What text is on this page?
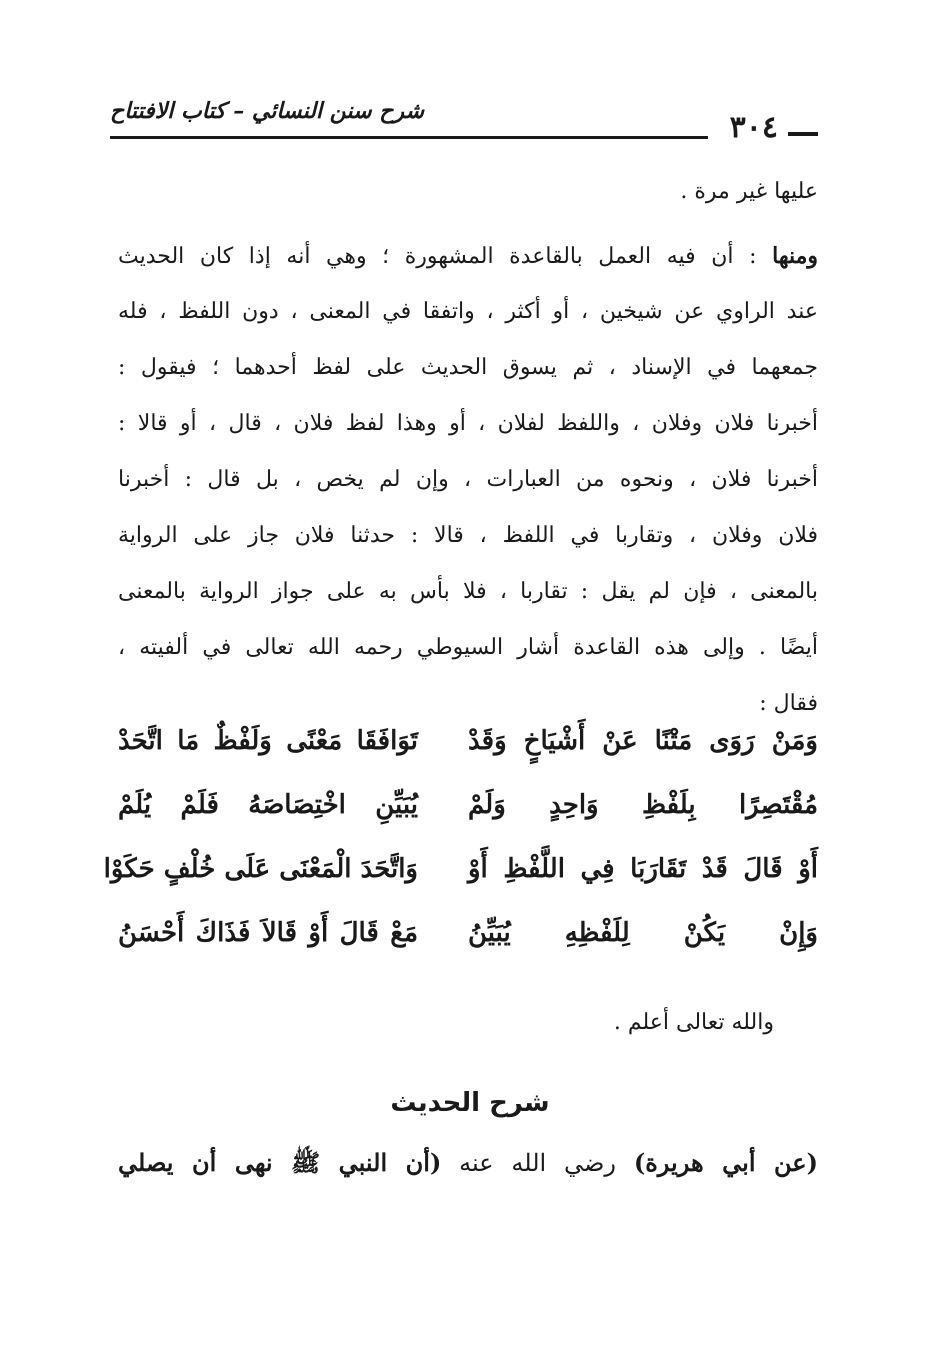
٣٠٤
شرح سنن النسائي – كتاب الافتتاح
عليها غير مرة .
ومنها : أن فيه العمل بالقاعدة المشهورة ؛ وهي أنه إذا كان الحديث
عند الراوي عن شيخين ، أو أكثر ، واتفقا في المعنى ، دون اللفظ ، فله
جمعهما في الإسناد ، ثم يسوق الحديث على لفظ أحدهما ؛ فيقول :
أخبرنا فلان وفلان ، واللفظ لفلان ، أو وهذا لفظ فلان ، قال ، أو قالا :
أخبرنا فلان ، ونحوه من العبارات ، وإن لم يخص ، بل قال : أخبرنا
فلان وفلان ، وتقاربا في اللفظ ، قالا : حدثنا فلان جاز على الرواية
بالمعنى ، فإن لم يقل : تقاربا ، فلا بأس به على جواز الرواية بالمعنى
أيضًا . وإلى هذه القاعدة أشار السيوطي رحمه الله تعالى في ألفيته ،
فقال :
وَمَنْ رَوَى مَتْنًا عَنْ أَشْيَاخٍ وَقَدْ
تَوَافَقَا مَعْنًى وَلَفْظٌ مَا اتَّحَدْ
مُقْتَصِرًا بِلَفْظِ وَاحِدٍ وَلَمْ
يُبَيِّنِ اخْتِصَاصَهُ فَلَمْ يُلَمْ
أَوْ قَالَ قَدْ تَقَارَبَا فِي اللَّفْظِ أَوْ
وَاتَّحَدَ الْمَعْنَى عَلَى خُلْفٍ حَكَوْا
وَإِنْ يَكُنْ لِلَفْظِهِ يُبَيِّنُ
مَعْ قَالَ أَوْ قَالاَ فَذَاكَ أَحْسَنُ
والله تعالى أعلم .
شرح الحديث
(عن أبي هريرة) رضي الله عنه (أن النبي ﷺ نهى أن يصلي
